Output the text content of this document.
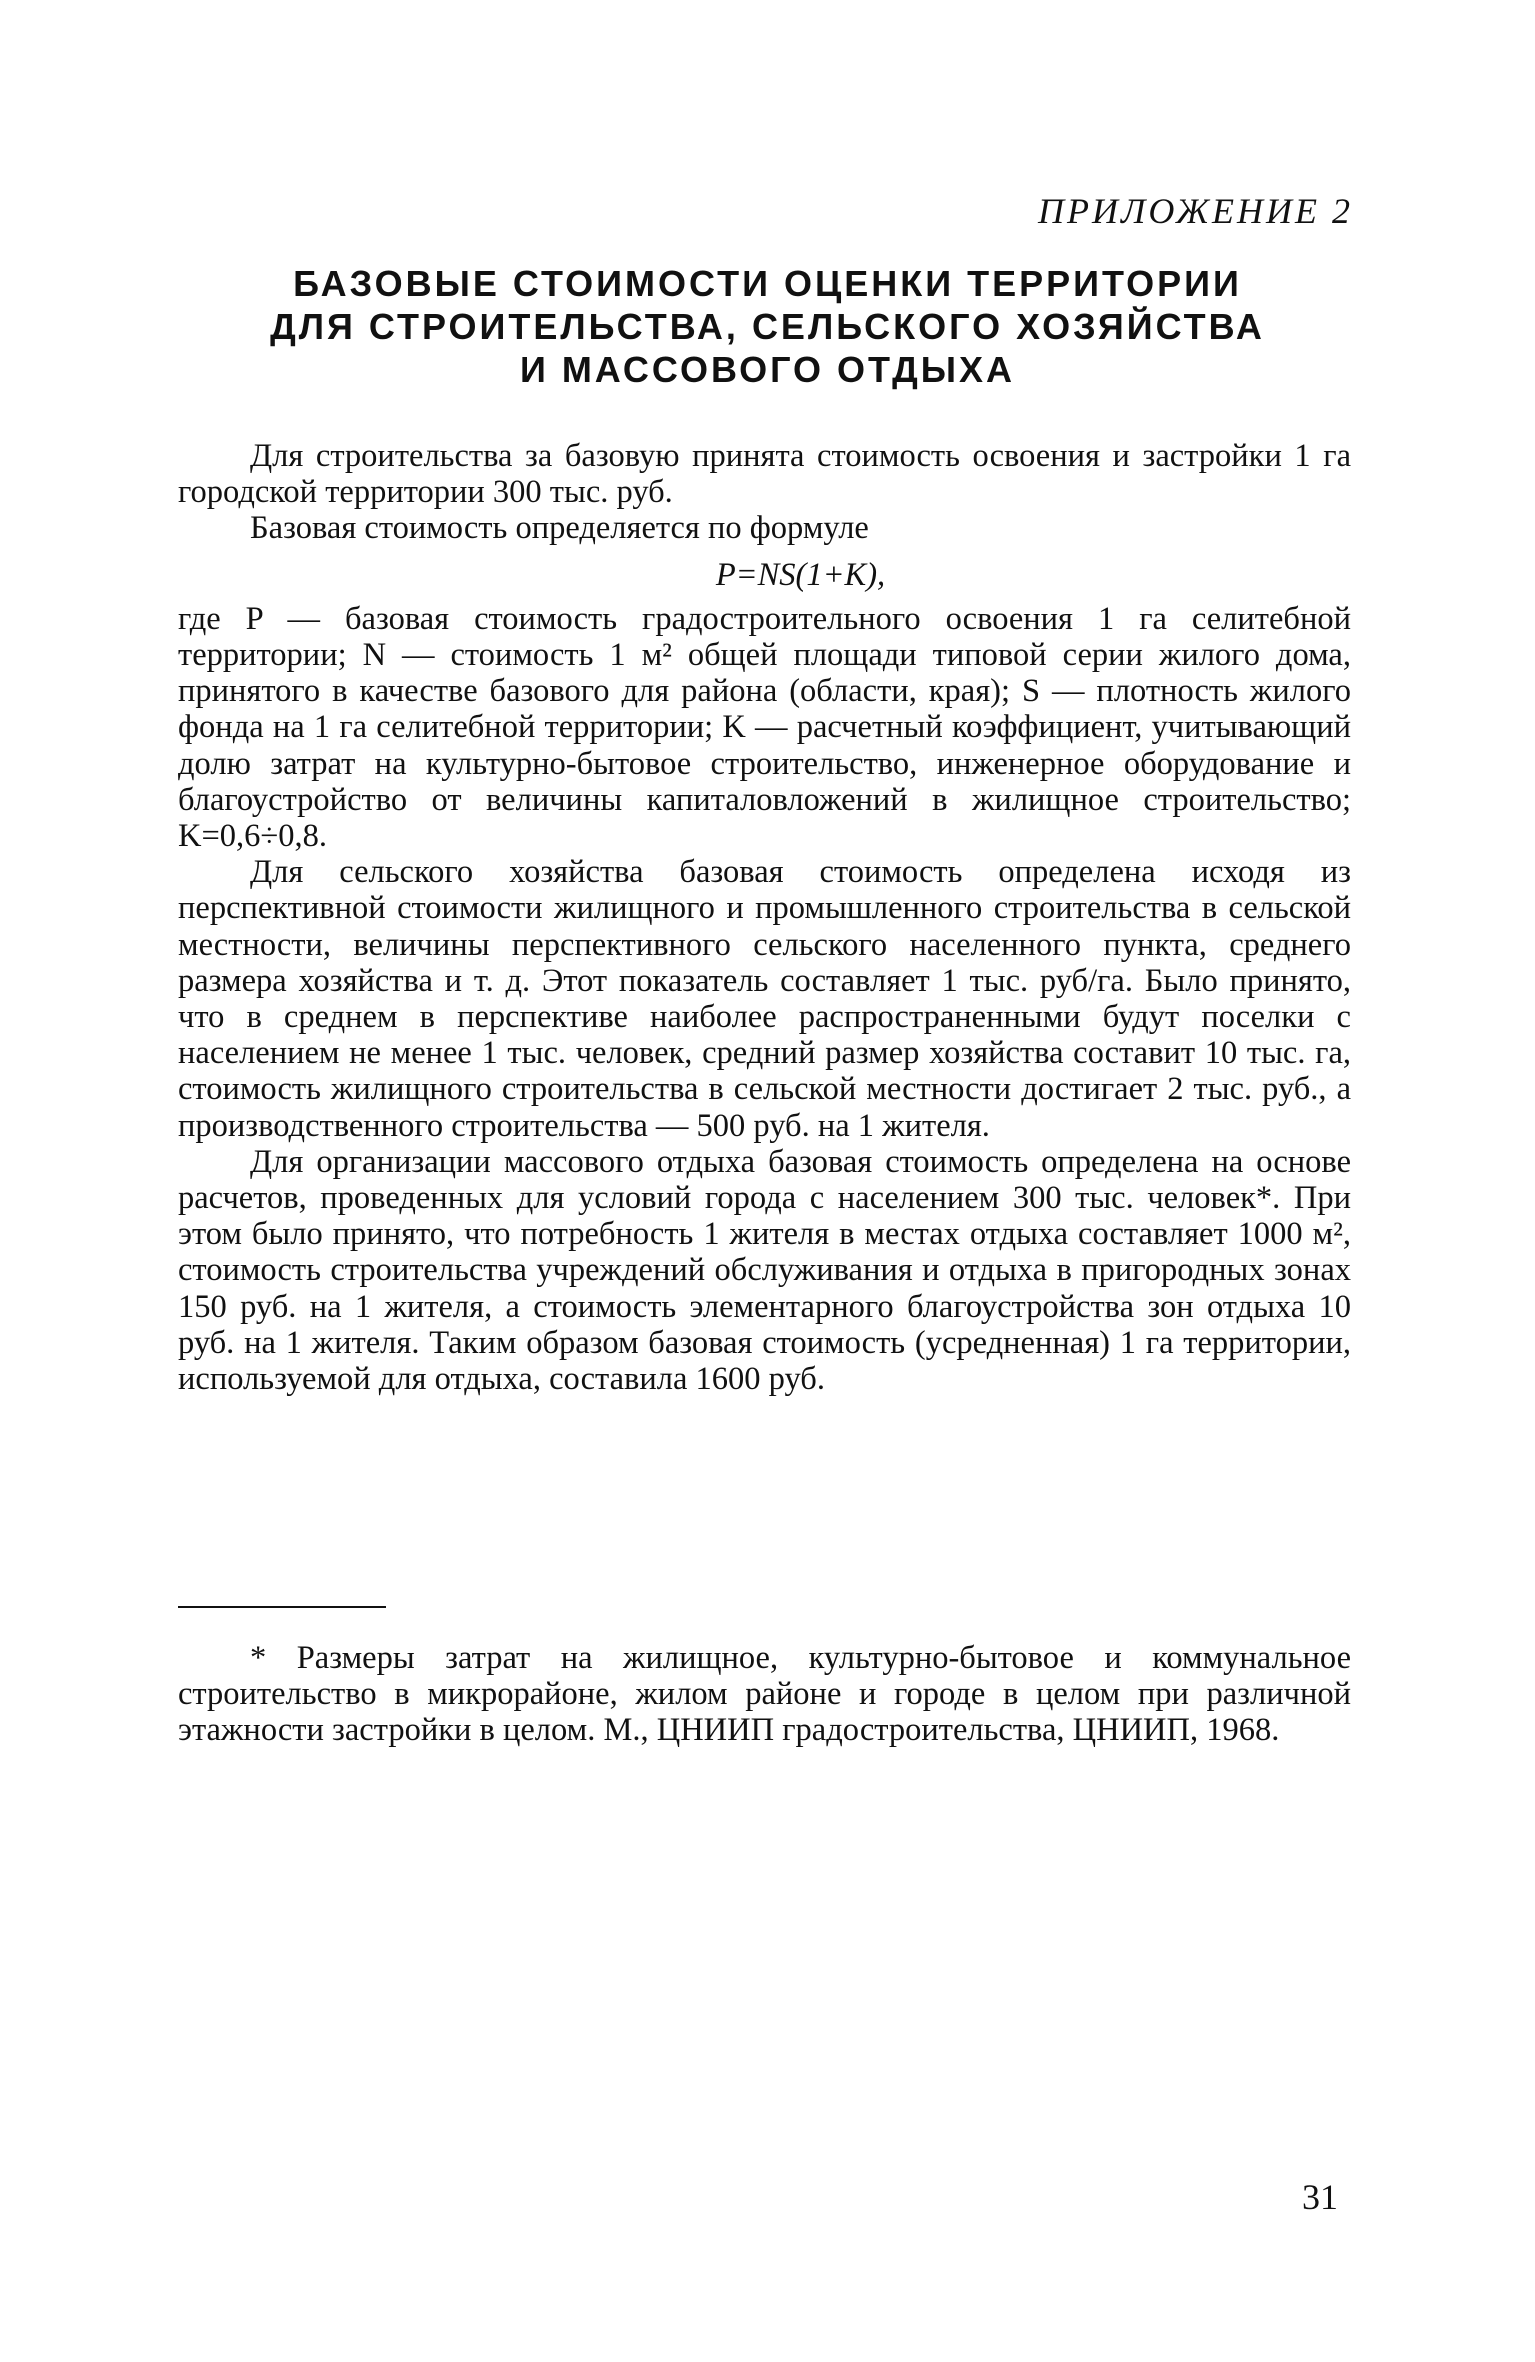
ПРИЛОЖЕНИЕ 2
БАЗОВЫЕ СТОИМОСТИ ОЦЕНКИ ТЕРРИТОРИИ
ДЛЯ СТРОИТЕЛЬСТВА, СЕЛЬСКОГО ХОЗЯЙСТВА
И МАССОВОГО ОТДЫХА

Для строительства за базовую принята стоимость освоения и застройки 1 га городской территории 300 тыс. руб.

Базовая стоимость определяется по формуле

P=NS(1+K),

где P — базовая стоимость градостроительного освоения 1 га селитебной территории; N — стоимость 1 м² общей площади типовой серии жилого дома, принятого в качестве базового для района (области, края); S — плотность жилого фонда на 1 га селитебной территории; K — расчетный коэффициент, учитывающий долю затрат на культурно-бытовое строительство, инженерное оборудование и благоустройство от величины капиталовложений в жилищное строительство; K=0,6÷0,8.

Для сельского хозяйства базовая стоимость определена исходя из перспективной стоимости жилищного и промышленного строительства в сельской местности, величины перспективного сельского населенного пункта, среднего размера хозяйства и т. д. Этот показатель составляет 1 тыс. руб/га. Было принято, что в среднем в перспективе наиболее распространенными будут поселки с населением не менее 1 тыс. человек, средний размер хозяйства составит 10 тыс. га, стоимость жилищного строительства в сельской местности достигает 2 тыс. руб., а производственного строительства — 500 руб. на 1 жителя.

Для организации массового отдыха базовая стоимость определена на основе расчетов, проведенных для условий города с населением 300 тыс. человек*. При этом было принято, что потребность 1 жителя в местах отдыха составляет 1000 м², стоимость строительства учреждений обслуживания и отдыха в пригородных зонах 150 руб. на 1 жителя, а стоимость элементарного благоустройства зон отдыха 10 руб. на 1 жителя. Таким образом базовая стоимость (усредненная) 1 га территории, используемой для отдыха, составила 1600 руб.

* Размеры затрат на жилищное, культурно-бытовое и коммунальное строительство в микрорайоне, жилом районе и городе в целом при различной этажности застройки в целом. М., ЦНИИП градостроительства, ЦНИИП, 1968.
31
